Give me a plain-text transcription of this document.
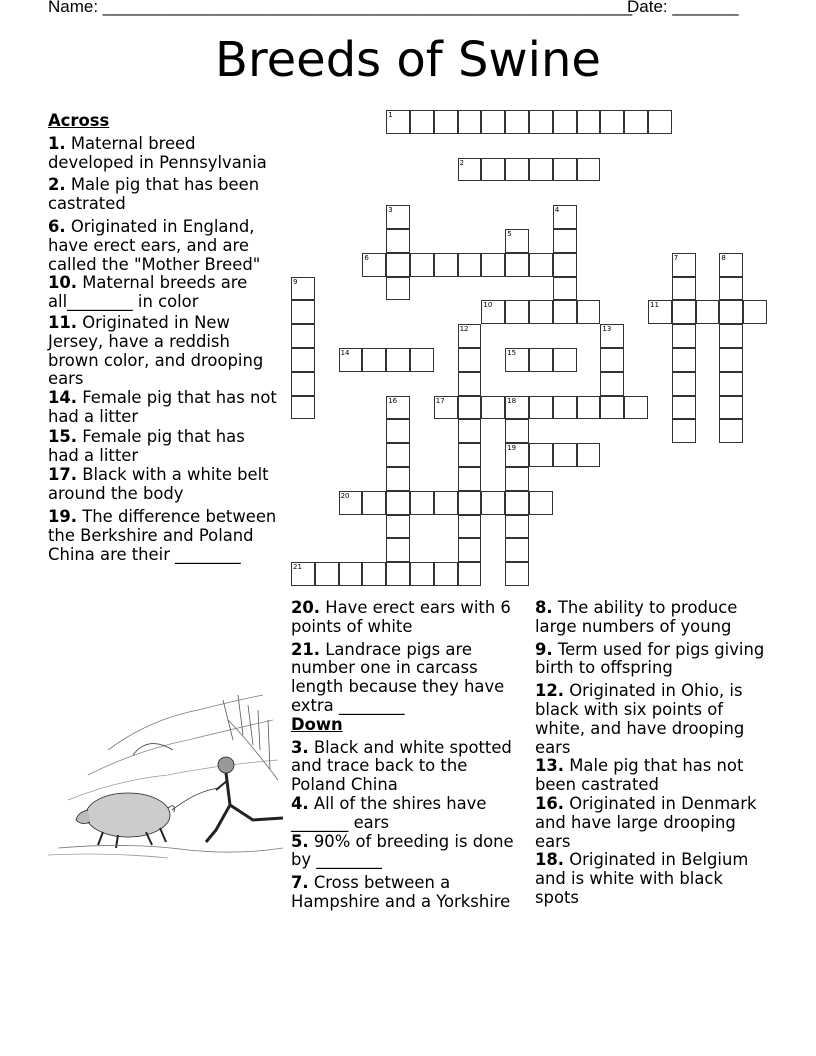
Name: ________________________________________________________
Date: _______
Breeds of Swine
Across
1. Maternal breed developed in Pennsylvania
2. Male pig that has been castrated
6. Originated in England, have erect ears, and are called the "Mother Breed"
10. Maternal breeds are all________ in color
11. Originated in New Jersey, have a reddish brown color, and drooping ears
14. Female pig that has not had a litter
15. Female pig that has had a litter
17. Black with a white belt around the body
19. The difference between the Berkshire and Poland China are their ________
20. Have erect ears with 6 points of white
21. Landrace pigs are number one in carcass length because they have extra ________
Down
3. Black and white spotted and trace back to the Poland China
4. All of the shires have _______ ears
5. 90% of breeding is done by ________
7. Cross between a Hampshire and a Yorkshire
8. The ability to produce large numbers of young
9. Term used for pigs giving birth to offspring
12. Originated in Ohio, is black with six points of white, and have drooping ears
13. Male pig that has not been castrated
16. Originated in Denmark and have large drooping ears
18. Originated in Belgium and is white with black spots
1
2
3	4
5
6	7	8
9
10	11
12	13
14	15
16	17	18
19
20
21
